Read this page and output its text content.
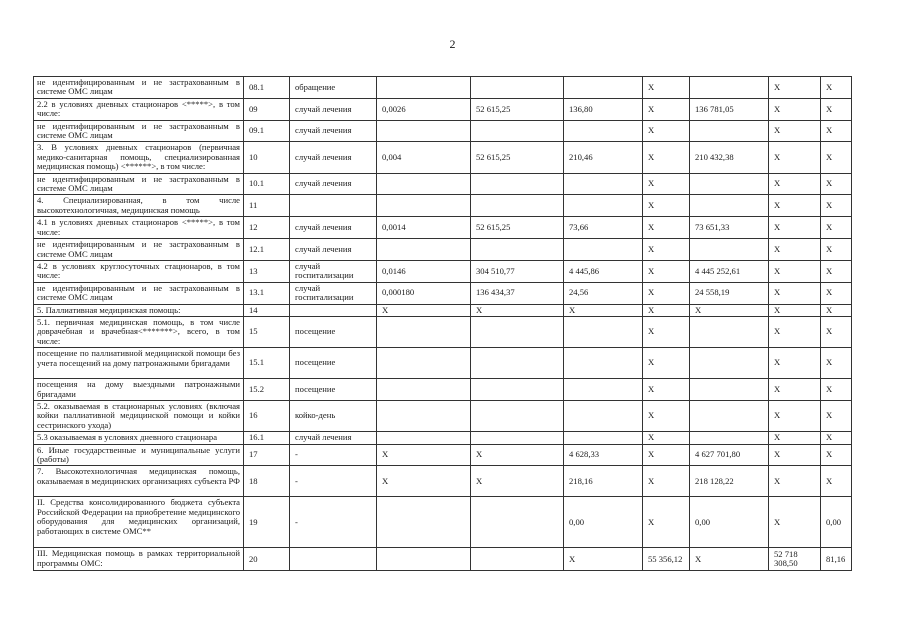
2
не идентифицированным и не застрахованным в системе ОМС лицам	08.1	обращение				X		X	X
2.2 в условиях дневных стационаров <*****>, в том числе:	09	случай лечения	0,0026	52 615,25	136,80	X	136 781,05	X	X
не идентифицированным и не застрахованным в системе ОМС лицам	09.1	случай лечения				X		X	X
3. В условиях дневных стационаров (первичная медико-санитарная помощь, специализированная медицинская помощь) <******>, в том числе:	10	случай лечения	0,004	52 615,25	210,46	X	210 432,38	X	X
не идентифицированным и не застрахованным в системе ОМС лицам	10.1	случай лечения				X		X	X
4. Специализированная, в том числе высокотехнологичная, медицинская помощь	11					X		X	X
4.1 в условиях дневных стационаров <*****>, в том числе:	12	случай лечения	0,0014	52 615,25	73,66	X	73 651,33	X	X
не идентифицированным и не застрахованным в системе ОМС лицам	12.1	случай лечения				X		X	X
4.2 в условиях круглосуточных стационаров, в том числе:	13	случай госпитализации	0,0146	304 510,77	4 445,86	X	4 445 252,61	X	X
не идентифицированным и не застрахованным в системе ОМС лицам	13.1	случай госпитализации	0,000180	136 434,37	24,56	X	24 558,19	X	X
5. Паллиативная медицинская помощь:	14		X	X	X	X	X	X	X
5.1. первичная медицинская помощь, в том числе доврачебная и врачебная<*******>, всего, в том числе:	15	посещение				X		X	X
посещение по паллиативной медицинской помощи без учета посещений на дому патронажными бригадами	15.1	посещение				X		X	X
посещения на дому выездными патронажными бригадами	15.2	посещение				X		X	X
5.2. оказываемая в стационарных условиях (включая койки паллиативной медицинской помощи и койки сестринского ухода)	16	койко-день				X		X	X
5.3 оказываемая в условиях дневного стационара	16.1	случай лечения				X		X	X
6. Иные государственные и муниципальные услуги (работы)	17	-	X	X	4 628,33	X	4 627 701,80	X	X
7. Высокотехнологичная медицинская помощь, оказываемая в медицинских организациях субъекта РФ	18	-	X	X	218,16	X	218 128,22	X	X
II. Средства консолидированного бюджета субъекта Российской Федерации на приобретение медицинского оборудования для медицинских организаций, работающих в системе ОМС**	19	-			0,00	X	0,00	X	0,00
III. Медицинская помощь в рамках территориальной программы ОМС:	20				X	55 356,12	X	52 718 308,50	81,16
